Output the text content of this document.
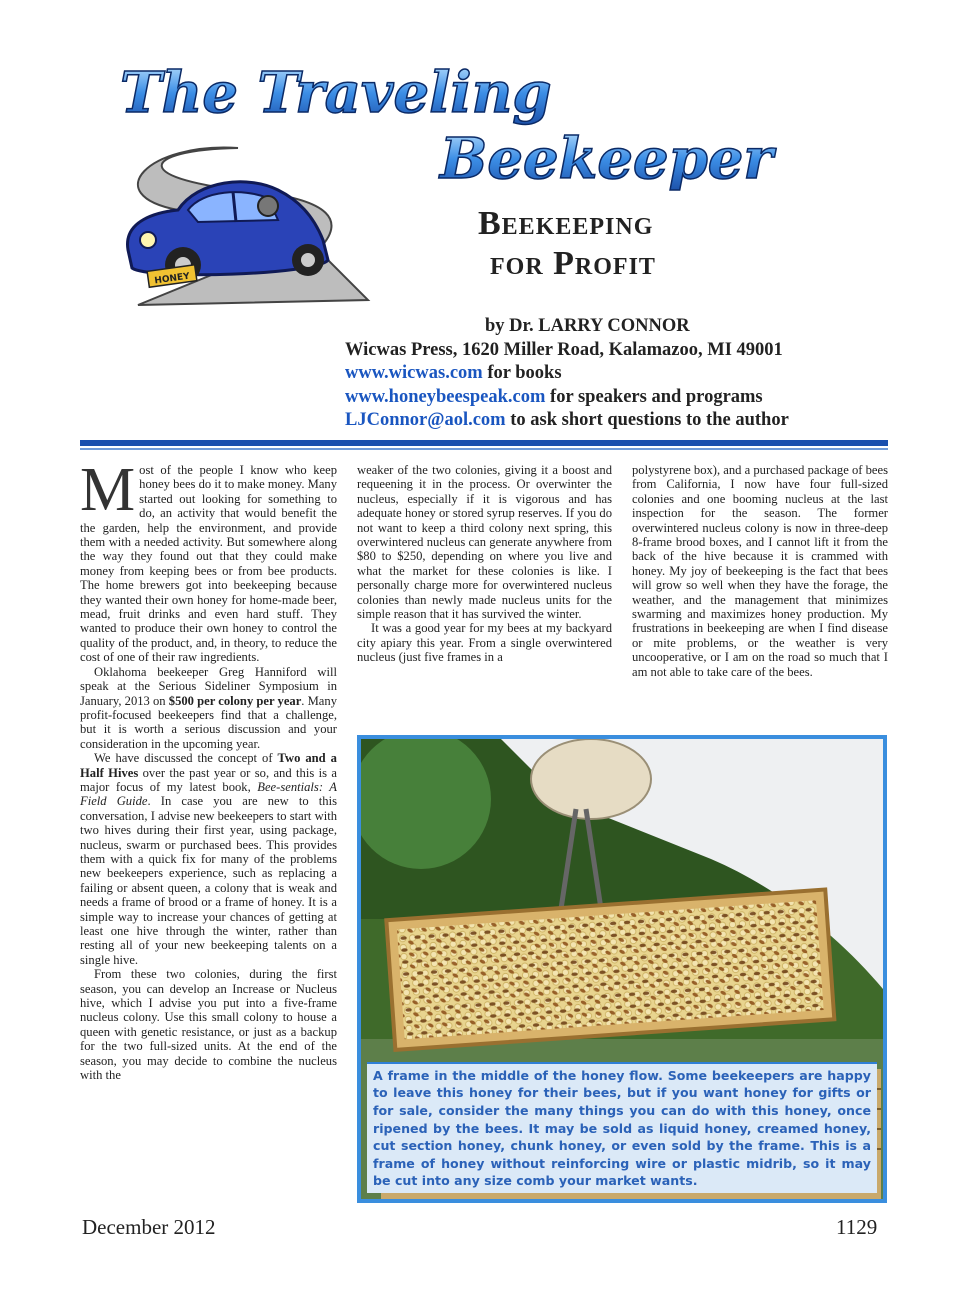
The Traveling
Beekeeper
HONEY
Beekeeping
for Profit
by Dr. LARRY CONNOR
Wicwas Press, 1620 Miller Road, Kalamazoo, MI 49001
www.wicwas.com for books
www.honeybeespeak.com for speakers and programs
LJConnor@aol.com to ask short questions to the author

Most of the people I know who keep honey bees do it to make money. Many started out looking for something to do, an activity that would benefit the the garden, help the environment, and provide them with a needed activity. But somewhere along the way they found out that they could make money from keeping bees or from bee products. The home brewers got into beekeeping because they wanted their own honey for home-made beer, mead, fruit drinks and even hard stuff. They wanted to produce their own honey to control the quality of the product, and, in theory, to reduce the cost of one of their raw ingredients.

Oklahoma beekeeper Greg Hanniford will speak at the Serious Sideliner Symposium in January, 2013 on $500 per colony per year. Many profit-focused beekeepers find that a challenge, but it is worth a serious discussion and your consideration in the upcoming year.

We have discussed the concept of Two and a Half Hives over the past year or so, and this is a major focus of my latest book, Bee-sentials: A Field Guide. In case you are new to this conversation, I advise new beekeepers to start with two hives during their first year, using package, nucleus, swarm or purchased bees. This provides them with a quick fix for many of the problems new beekeepers experience, such as replacing a failing or absent queen, a colony that is weak and needs a frame of brood or a frame of honey. It is a simple way to increase your chances of getting at least one hive through the winter, rather than resting all of your new beekeeping talents on a single hive.

From these two colonies, during the first season, you can develop an Increase or Nucleus hive, which I advise you put into a five-frame nucleus colony. Use this small colony to house a queen with genetic resistance, or just as a backup for the two full-sized units. At the end of the season, you may decide to combine the nucleus with the

weaker of the two colonies, giving it a boost and requeening it in the process. Or overwinter the nucleus, especially if it is vigorous and has adequate honey or stored syrup reserves. If you do not want to keep a third colony next spring, this overwintered nucleus can generate anywhere from $80 to $250, depending on where you live and what the market for these colonies is like. I personally charge more for overwintered nucleus colonies than newly made nucleus units for the simple reason that it has survived the winter.

It was a good year for my bees at my backyard city apiary this year. From a single overwintered nucleus (just five frames in a

polystyrene box), and a purchased package of bees from California, I now have four full-sized colonies and one booming nucleus at the last inspection for the season. The former overwintered nucleus colony is now in three-deep 8-frame brood boxes, and I cannot lift it from the back of the hive because it is crammed with honey. My joy of beekeeping is the fact that bees will grow so well when they have the forage, the weather, and the management that minimizes swarming and maximizes honey production. My frustrations in beekeeping are when I find disease or mite problems, or the weather is very uncooperative, or I am on the road so much that I am not able to take care of the bees.

A frame in the middle of the honey flow. Some beekeepers are happy to leave this honey for their bees, but if you want honey for gifts or for sale, consider the many things you can do with this honey, once ripened by the bees. It may be sold as liquid honey, creamed honey, cut section honey, chunk honey, or even sold by the frame. This is a frame of honey without reinforcing wire or plastic midrib, so it may be cut into any size comb your market wants.
December 2012	1129
